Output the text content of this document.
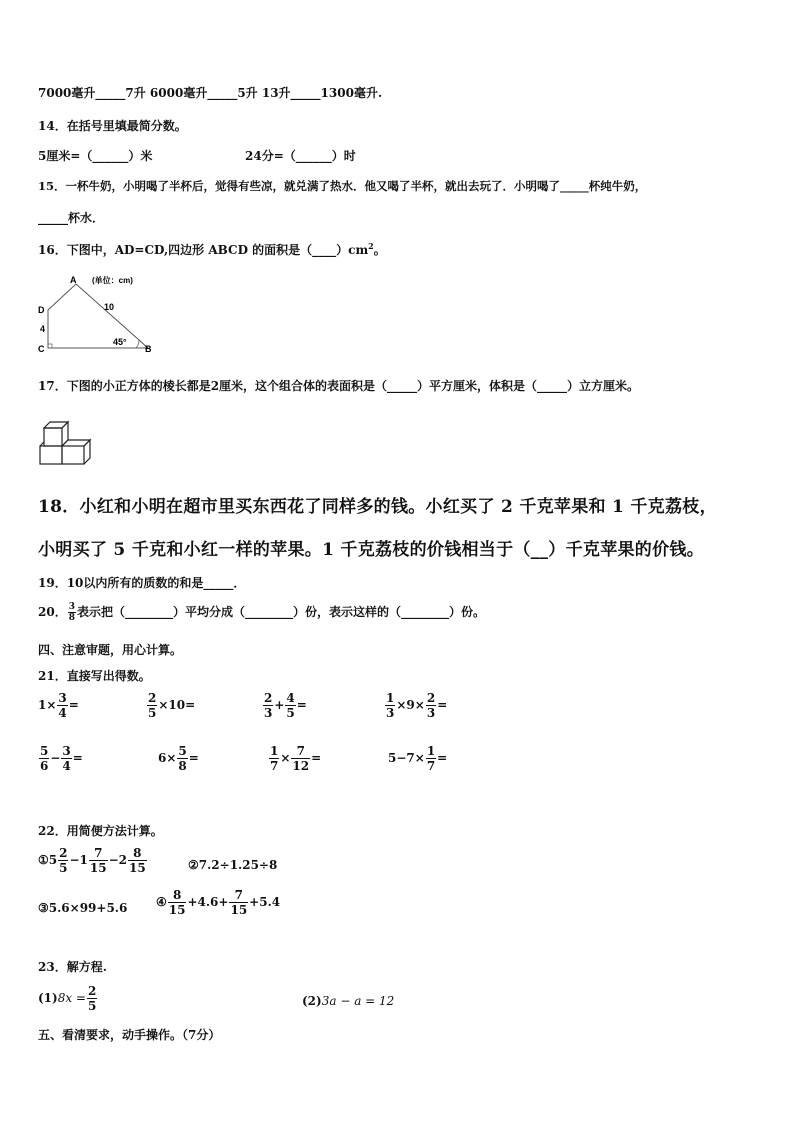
7000毫升_____7升 6000毫升_____5升 13升_____1300毫升.
14．在括号里填最简分数。
5厘米=（______）米	24分=（______）时
15．一杯牛奶，小明喝了半杯后，觉得有些凉，就兑满了热水．他又喝了半杯，就出去玩了．小明喝了_____杯纯牛奶，
_____杯水．
16．下图中，AD=CD,四边形 ABCD 的面积是$(\_\_\_\_)cm^2$。
A (单位：cm)
D	10
4
C
45°
B
17．下图的小正方体的棱长都是2厘米，这个组合体的表面积是（_____）平方厘米，体积是（_____）立方厘米。
18．小红和小明在超市里买东西花了同样多的钱。小红买了 2 千克苹果和 1 千克荔枝，
小明买了 5 千克和小红一样的苹果。1 千克荔枝的价钱相当于（__）千克苹果的价钱。
19．10以内所有的质数的和是_____．
20． $\frac{3}{8}$ 表示把（________）平均分成（________）份，表示这样的（________）份。
四、注意审题，用心计算。
21．直接写出得数。
$1\times \frac{3}{4}$ =	$\frac{2}{5} \times 10=$	$\frac{2}{3} + \frac{4}{5}$ =	$\frac{1}{3} \times 9\times \frac{2}{3}$ =
$\frac{5}{6} - \frac{3}{4}$ =	$6\times \frac{5}{8}$ =	$\frac{1}{7} \times \frac{7}{12}$ =	$5-7\times \frac{1}{7}$ =
22．用简便方法计算。
①5 $\frac{2}{5} -1 \frac{7}{15} -2 \frac{8}{15}$	②7.2÷1.25÷8
③5.6×99+5.6 ④ $\frac{8}{15} +4.6+ \frac{7}{15} +5.4$
23．解方程.
$(1)8x = \frac{2}{5}$	(2)3a − a = 12
五、看清要求，动手操作。（7分）
